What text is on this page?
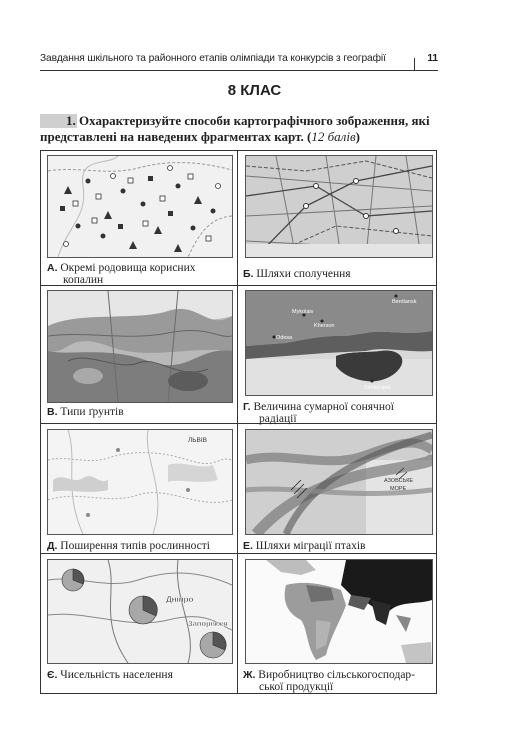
Завдання шкільного та районного етапів олімпіади та конкурсів з географії	11
8 КЛАС
1. Охарактеризуйте способи картографічного зображення, які представлені на наведених фрагментах карт. (12 балів)
А. Окремі родовища корисних
копалин	Б. Шляхи сполучення
В. Типи ґрунтів
Odesa
Mykolaiv
Kherson
Berdiansk
Simferopol
Г. Величина сумарної сонячної
радіації
ЛЬВІВ
Д. Поширення типів рослинності
АЗОВСЬКЕ
МОРЕ
Е. Шляхи міграції птахів
Дніпро
Запоріжжя
Є. Чисельність населення	Ж. Виробництво сільськогосподар-
ської продукції
